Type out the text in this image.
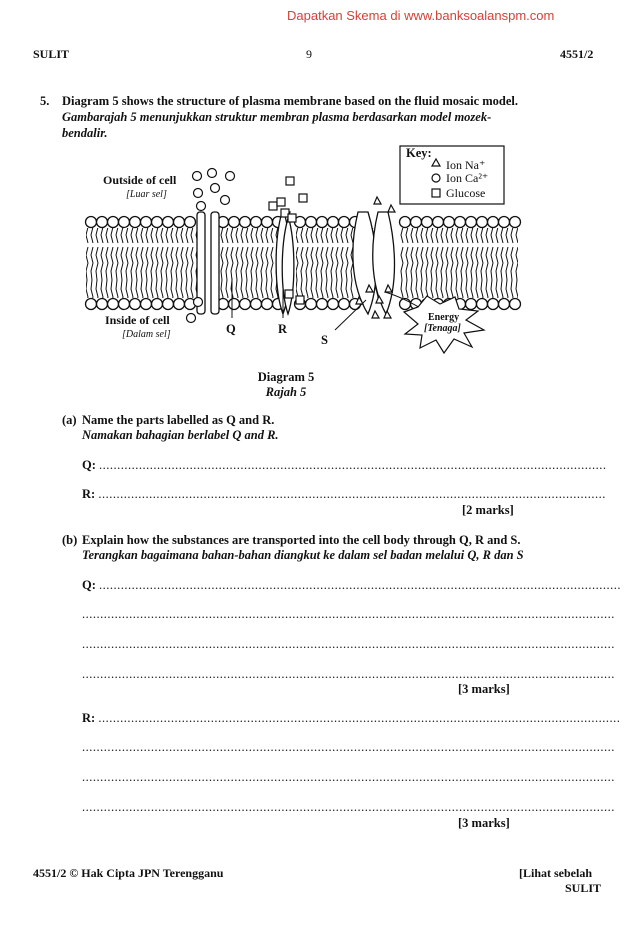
Dapatkan Skema di www.banksoalanspm.com
SULIT	9	4551/2
5. Diagram 5 shows the structure of plasma membrane based on the fluid mosaic model.
Gambarajah 5 menunjukkan struktur membran plasma berdasarkan model mozek-
bendalir.
Outside of cell
[Luar sel]
Inside of cell
[Dalam sel]	Q	R
S
Energy
[Tenaga]
Key:
Ion Na⁺
Ion Ca²⁺
Glucose
Diagram 5
Rajah 5
(a) Name the parts labelled as Q and R.
Namakan bahagian berlabel Q and R.
Q: ............................................................................................................................................
R: ............................................................................................................................................
[2 marks]
(b) Explain how the substances are transported into the cell body through Q, R and S.
Terangkan bagaimana bahan-bahan diangkut ke dalam sel badan melalui Q, R dan S
Q: ................................................................................................................................................
...................................................................................................................................................
...................................................................................................................................................
...................................................................................................................................................
[3 marks]
R: ................................................................................................................................................
...................................................................................................................................................
...................................................................................................................................................
...................................................................................................................................................
[3 marks]
4551/2 © Hak Cipta JPN Terengganu	[Lihat sebelah
SULIT
